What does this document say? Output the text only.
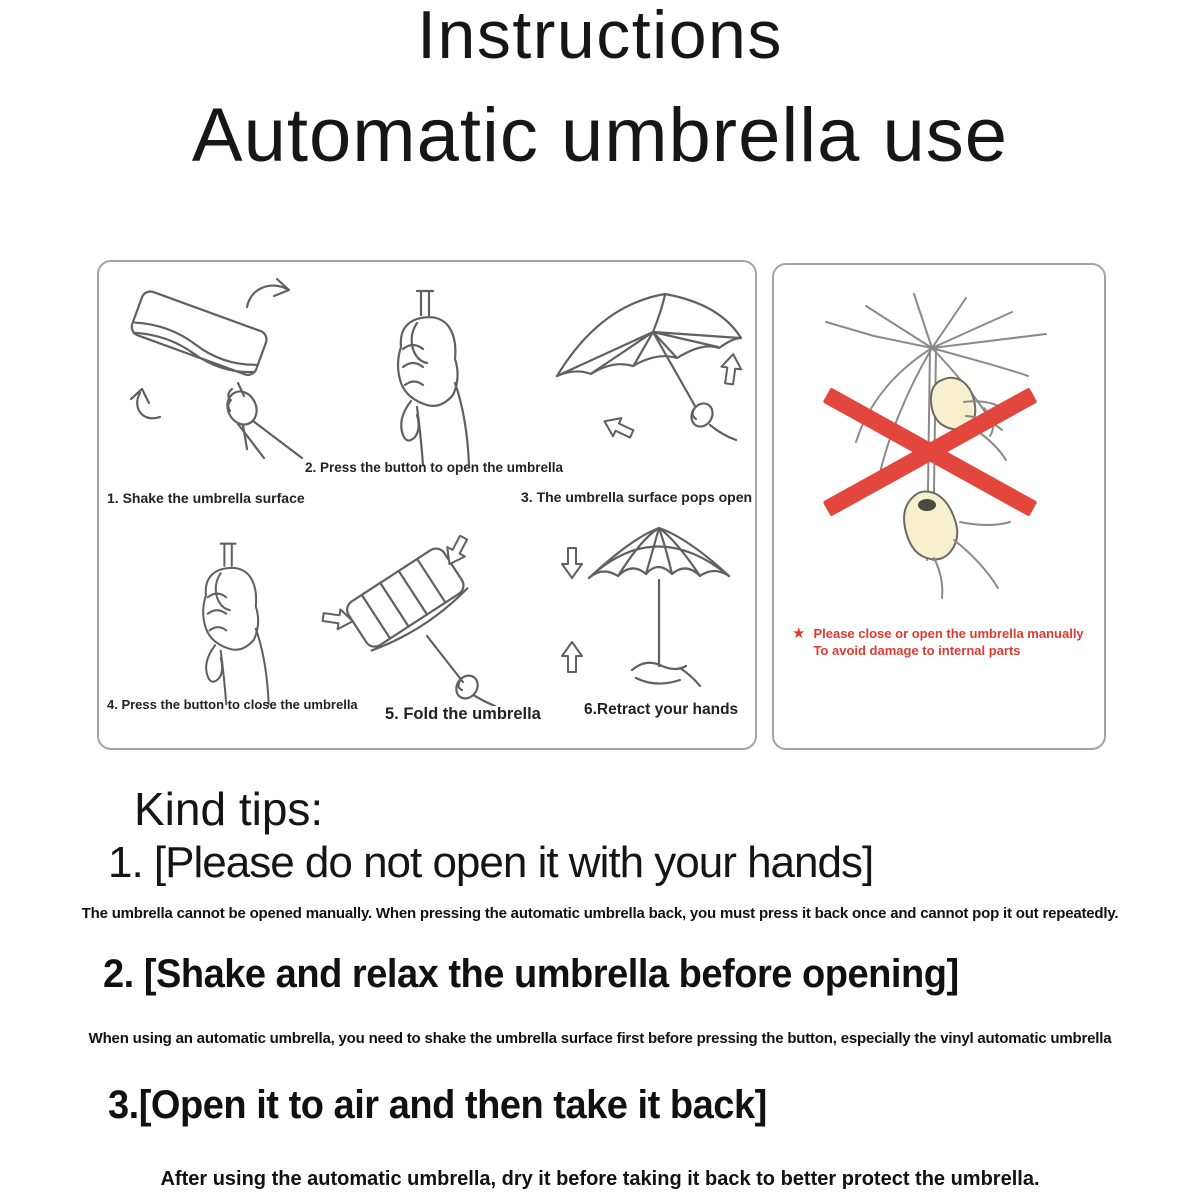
Instructions
Automatic umbrella use
2. Press the button to open the umbrella
1. Shake the umbrella surface	3. The umbrella surface pops open
4. Press the button to close the umbrella
5. Fold the umbrella	6.Retract your hands
★ Please close or open the umbrella manually
To avoid damage to internal parts
Kind tips:
1. [Please do not open it with your hands]
The umbrella cannot be opened manually. When pressing the automatic umbrella back, you must press it back once and cannot pop it out repeatedly.
2. [Shake and relax the umbrella before opening]
When using an automatic umbrella, you need to shake the umbrella surface first before pressing the button, especially the vinyl automatic umbrella
3.[Open it to air and then take it back]
After using the automatic umbrella, dry it before taking it back to better protect the umbrella.
